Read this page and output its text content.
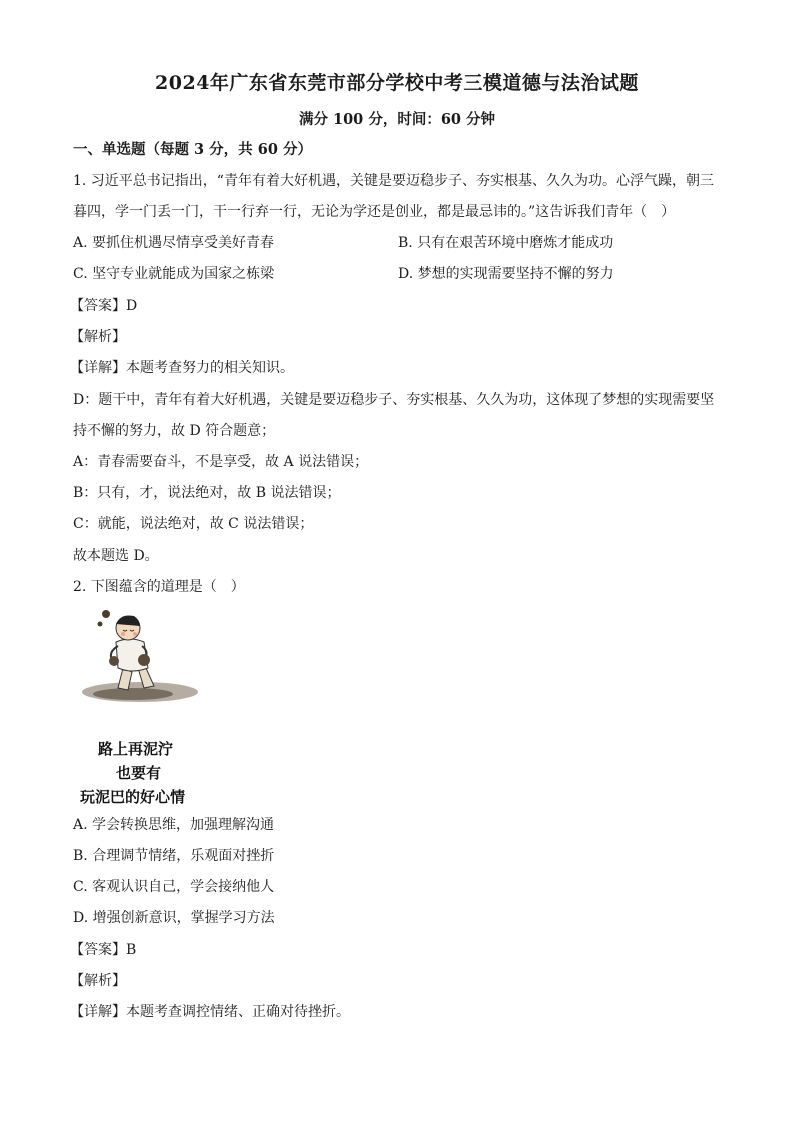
2024年广东省东莞市部分学校中考三模道德与法治试题
满分 100 分，时间：60 分钟
一、单选题（每题 3 分，共 60 分）
1. 习近平总书记指出，“青年有着大好机遇，关键是要迈稳步子、夯实根基、久久为功。心浮气躁，朝三
暮四，学一门丢一门，干一行弃一行，无论为学还是创业，都是最忌讳的。”这告诉我们青年（　）
A. 要抓住机遇尽情享受美好青春	B. 只有在艰苦环境中磨炼才能成功
C. 坚守专业就能成为国家之栋梁	D. 梦想的实现需要坚持不懈的努力
【答案】D
【解析】
【详解】本题考查努力的相关知识。
D：题干中，青年有着大好机遇，关键是要迈稳步子、夯实根基、久久为功，这体现了梦想的实现需要坚
持不懈的努力，故 D 符合题意；
A：青春需要奋斗，不是享受，故 A 说法错误；
B：只有，才，说法绝对，故 B 说法错误；
C：就能，说法绝对，故 C 说法错误；
故本题选 D。
2. 下图蕴含的道理是（　）
路上再泥泞
也要有
玩泥巴的好心情
A. 学会转换思维，加强理解沟通
B. 合理调节情绪，乐观面对挫折
C. 客观认识自己，学会接纳他人
D. 增强创新意识，掌握学习方法
【答案】B
【解析】
【详解】本题考查调控情绪、正确对待挫折。
